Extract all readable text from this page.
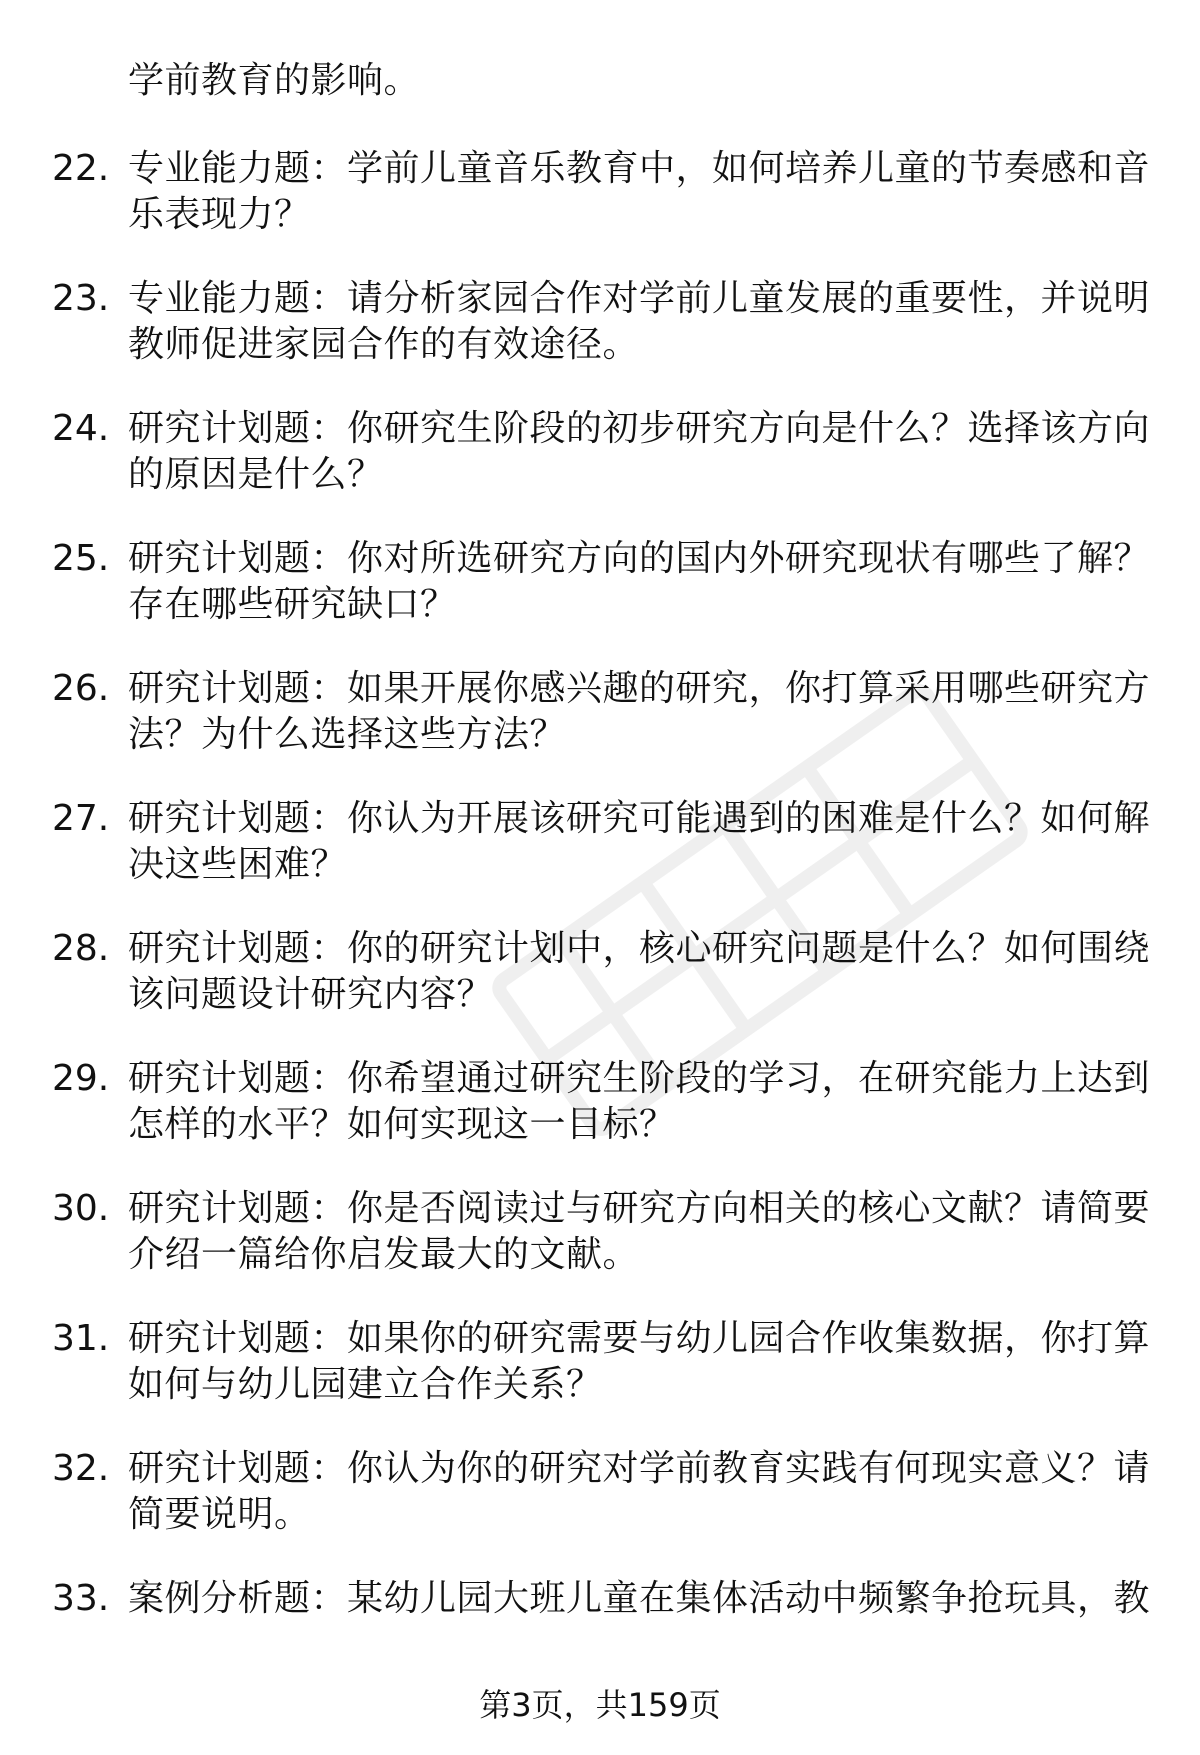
学前教育的影响。
22. 专业能力题：学前儿童音乐教育中，如何培养儿童的节奏感和音
乐表现力？
23. 专业能力题：请分析家园合作对学前儿童发展的重要性，并说明
教师促进家园合作的有效途径。
24. 研究计划题：你研究生阶段的初步研究方向是什么？选择该方向
的原因是什么？
25. 研究计划题：你对所选研究方向的国内外研究现状有哪些了解？
存在哪些研究缺口？
26. 研究计划题：如果开展你感兴趣的研究，你打算采用哪些研究方
法？为什么选择这些方法？
27. 研究计划题：你认为开展该研究可能遇到的困难是什么？如何解
决这些困难？
28. 研究计划题：你的研究计划中，核心研究问题是什么？如何围绕
该问题设计研究内容？
29. 研究计划题：你希望通过研究生阶段的学习，在研究能力上达到
怎样的水平？如何实现这一目标？
30. 研究计划题：你是否阅读过与研究方向相关的核心文献？请简要
介绍一篇给你启发最大的文献。
31. 研究计划题：如果你的研究需要与幼儿园合作收集数据，你打算
如何与幼儿园建立合作关系？
32. 研究计划题：你认为你的研究对学前教育实践有何现实意义？请
简要说明。
33. 案例分析题：某幼儿园大班儿童在集体活动中频繁争抢玩具，教
第3页，共159页
